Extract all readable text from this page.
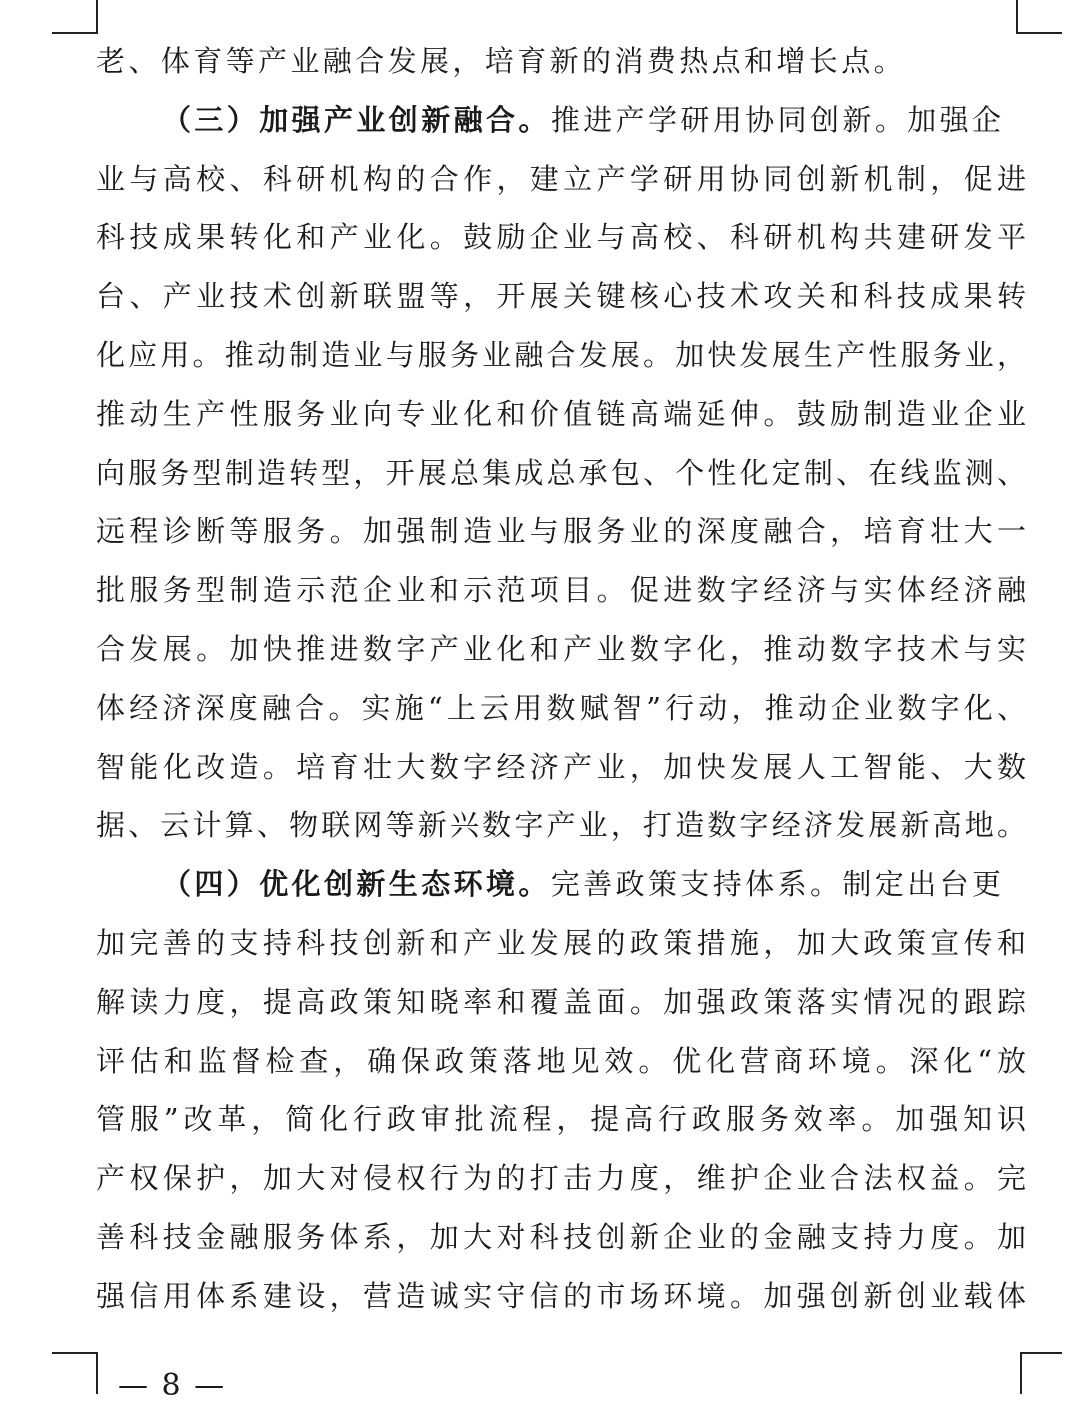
老、体育等产业融合发展，培育新的消费热点和增长点。
（三）加强产业创新融合。推进产学研用协同创新。加强企
业与高校、科研机构的合作，建立产学研用协同创新机制，促进
科技成果转化和产业化。鼓励企业与高校、科研机构共建研发平
台、产业技术创新联盟等，开展关键核心技术攻关和科技成果转
化应用。推动制造业与服务业融合发展。加快发展生产性服务业，
推动生产性服务业向专业化和价值链高端延伸。鼓励制造业企业
向服务型制造转型，开展总集成总承包、个性化定制、在线监测、
远程诊断等服务。加强制造业与服务业的深度融合，培育壮大一
批服务型制造示范企业和示范项目。促进数字经济与实体经济融
合发展。加快推进数字产业化和产业数字化，推动数字技术与实
体经济深度融合。实施“上云用数赋智”行动，推动企业数字化、
智能化改造。培育壮大数字经济产业，加快发展人工智能、大数
据、云计算、物联网等新兴数字产业，打造数字经济发展新高地。
（四）优化创新生态环境。完善政策支持体系。制定出台更
加完善的支持科技创新和产业发展的政策措施，加大政策宣传和
解读力度，提高政策知晓率和覆盖面。加强政策落实情况的跟踪
评估和监督检查，确保政策落地见效。优化营商环境。深化“放
管服”改革，简化行政审批流程，提高行政服务效率。加强知识
产权保护，加大对侵权行为的打击力度，维护企业合法权益。完
善科技金融服务体系，加大对科技创新企业的金融支持力度。加
强信用体系建设，营造诚实守信的市场环境。加强创新创业载体
— 8 —
